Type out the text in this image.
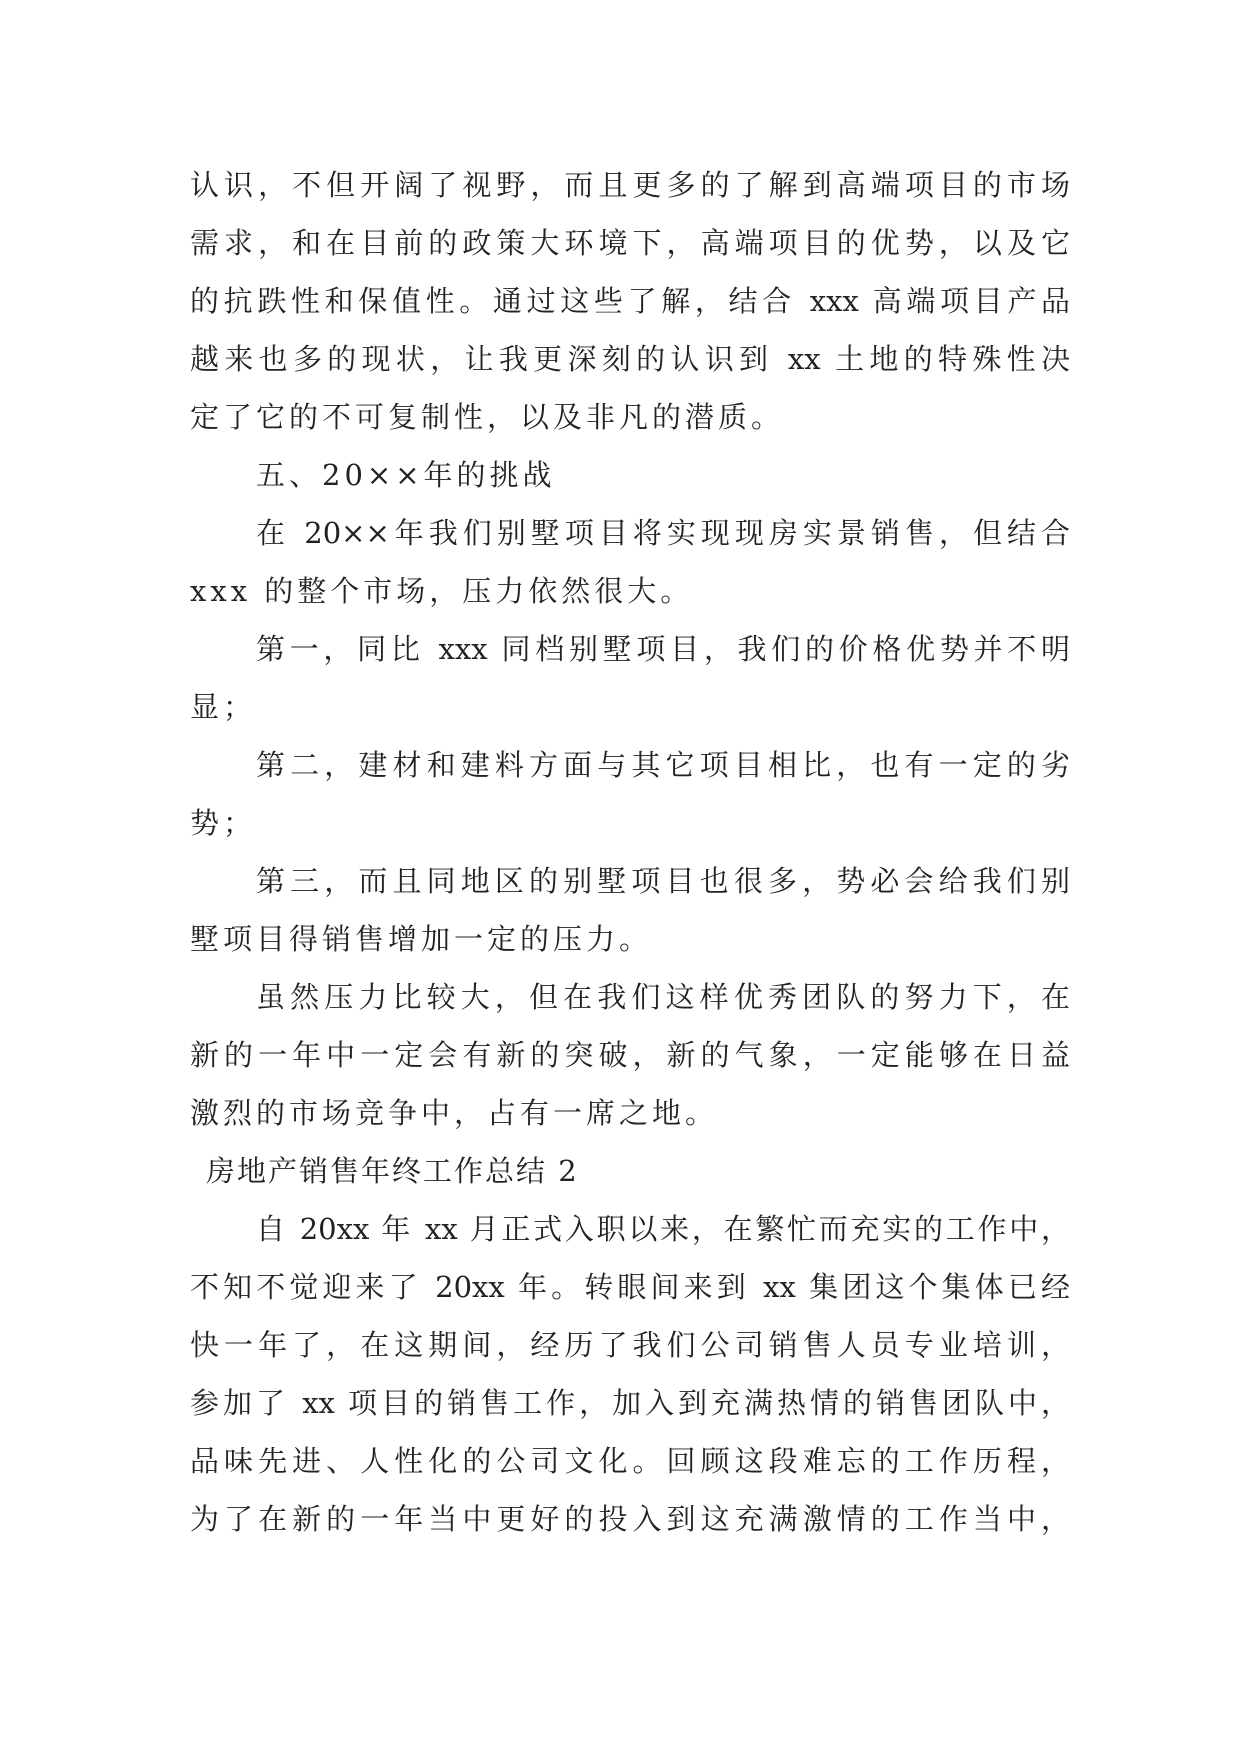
认识，不但开阔了视野，而且更多的了解到高端项目的市场
需求，和在目前的政策大环境下，高端项目的优势，以及它
的抗跌性和保值性。通过这些了解，结合 xxx 高端项目产品
越来也多的现状，让我更深刻的认识到 xx 土地的特殊性决
定了它的不可复制性，以及非凡的潜质。
五、20××年的挑战
在 20××年我们别墅项目将实现现房实景销售，但结合
xxx 的整个市场，压力依然很大。
第一，同比 xxx 同档别墅项目，我们的价格优势并不明
显；
第二，建材和建料方面与其它项目相比，也有一定的劣
势；
第三，而且同地区的别墅项目也很多，势必会给我们别
墅项目得销售增加一定的压力。
虽然压力比较大，但在我们这样优秀团队的努力下，在
新的一年中一定会有新的突破，新的气象，一定能够在日益
激烈的市场竞争中，占有一席之地。
房地产销售年终工作总结 2
自 20xx 年 xx 月正式入职以来，在繁忙而充实的工作中，
不知不觉迎来了 20xx 年。转眼间来到 xx 集团这个集体已经
快一年了，在这期间，经历了我们公司销售人员专业培训，
参加了 xx 项目的销售工作，加入到充满热情的销售团队中，
品味先进、人性化的公司文化。回顾这段难忘的工作历程，
为了在新的一年当中更好的投入到这充满激情的工作当中，
